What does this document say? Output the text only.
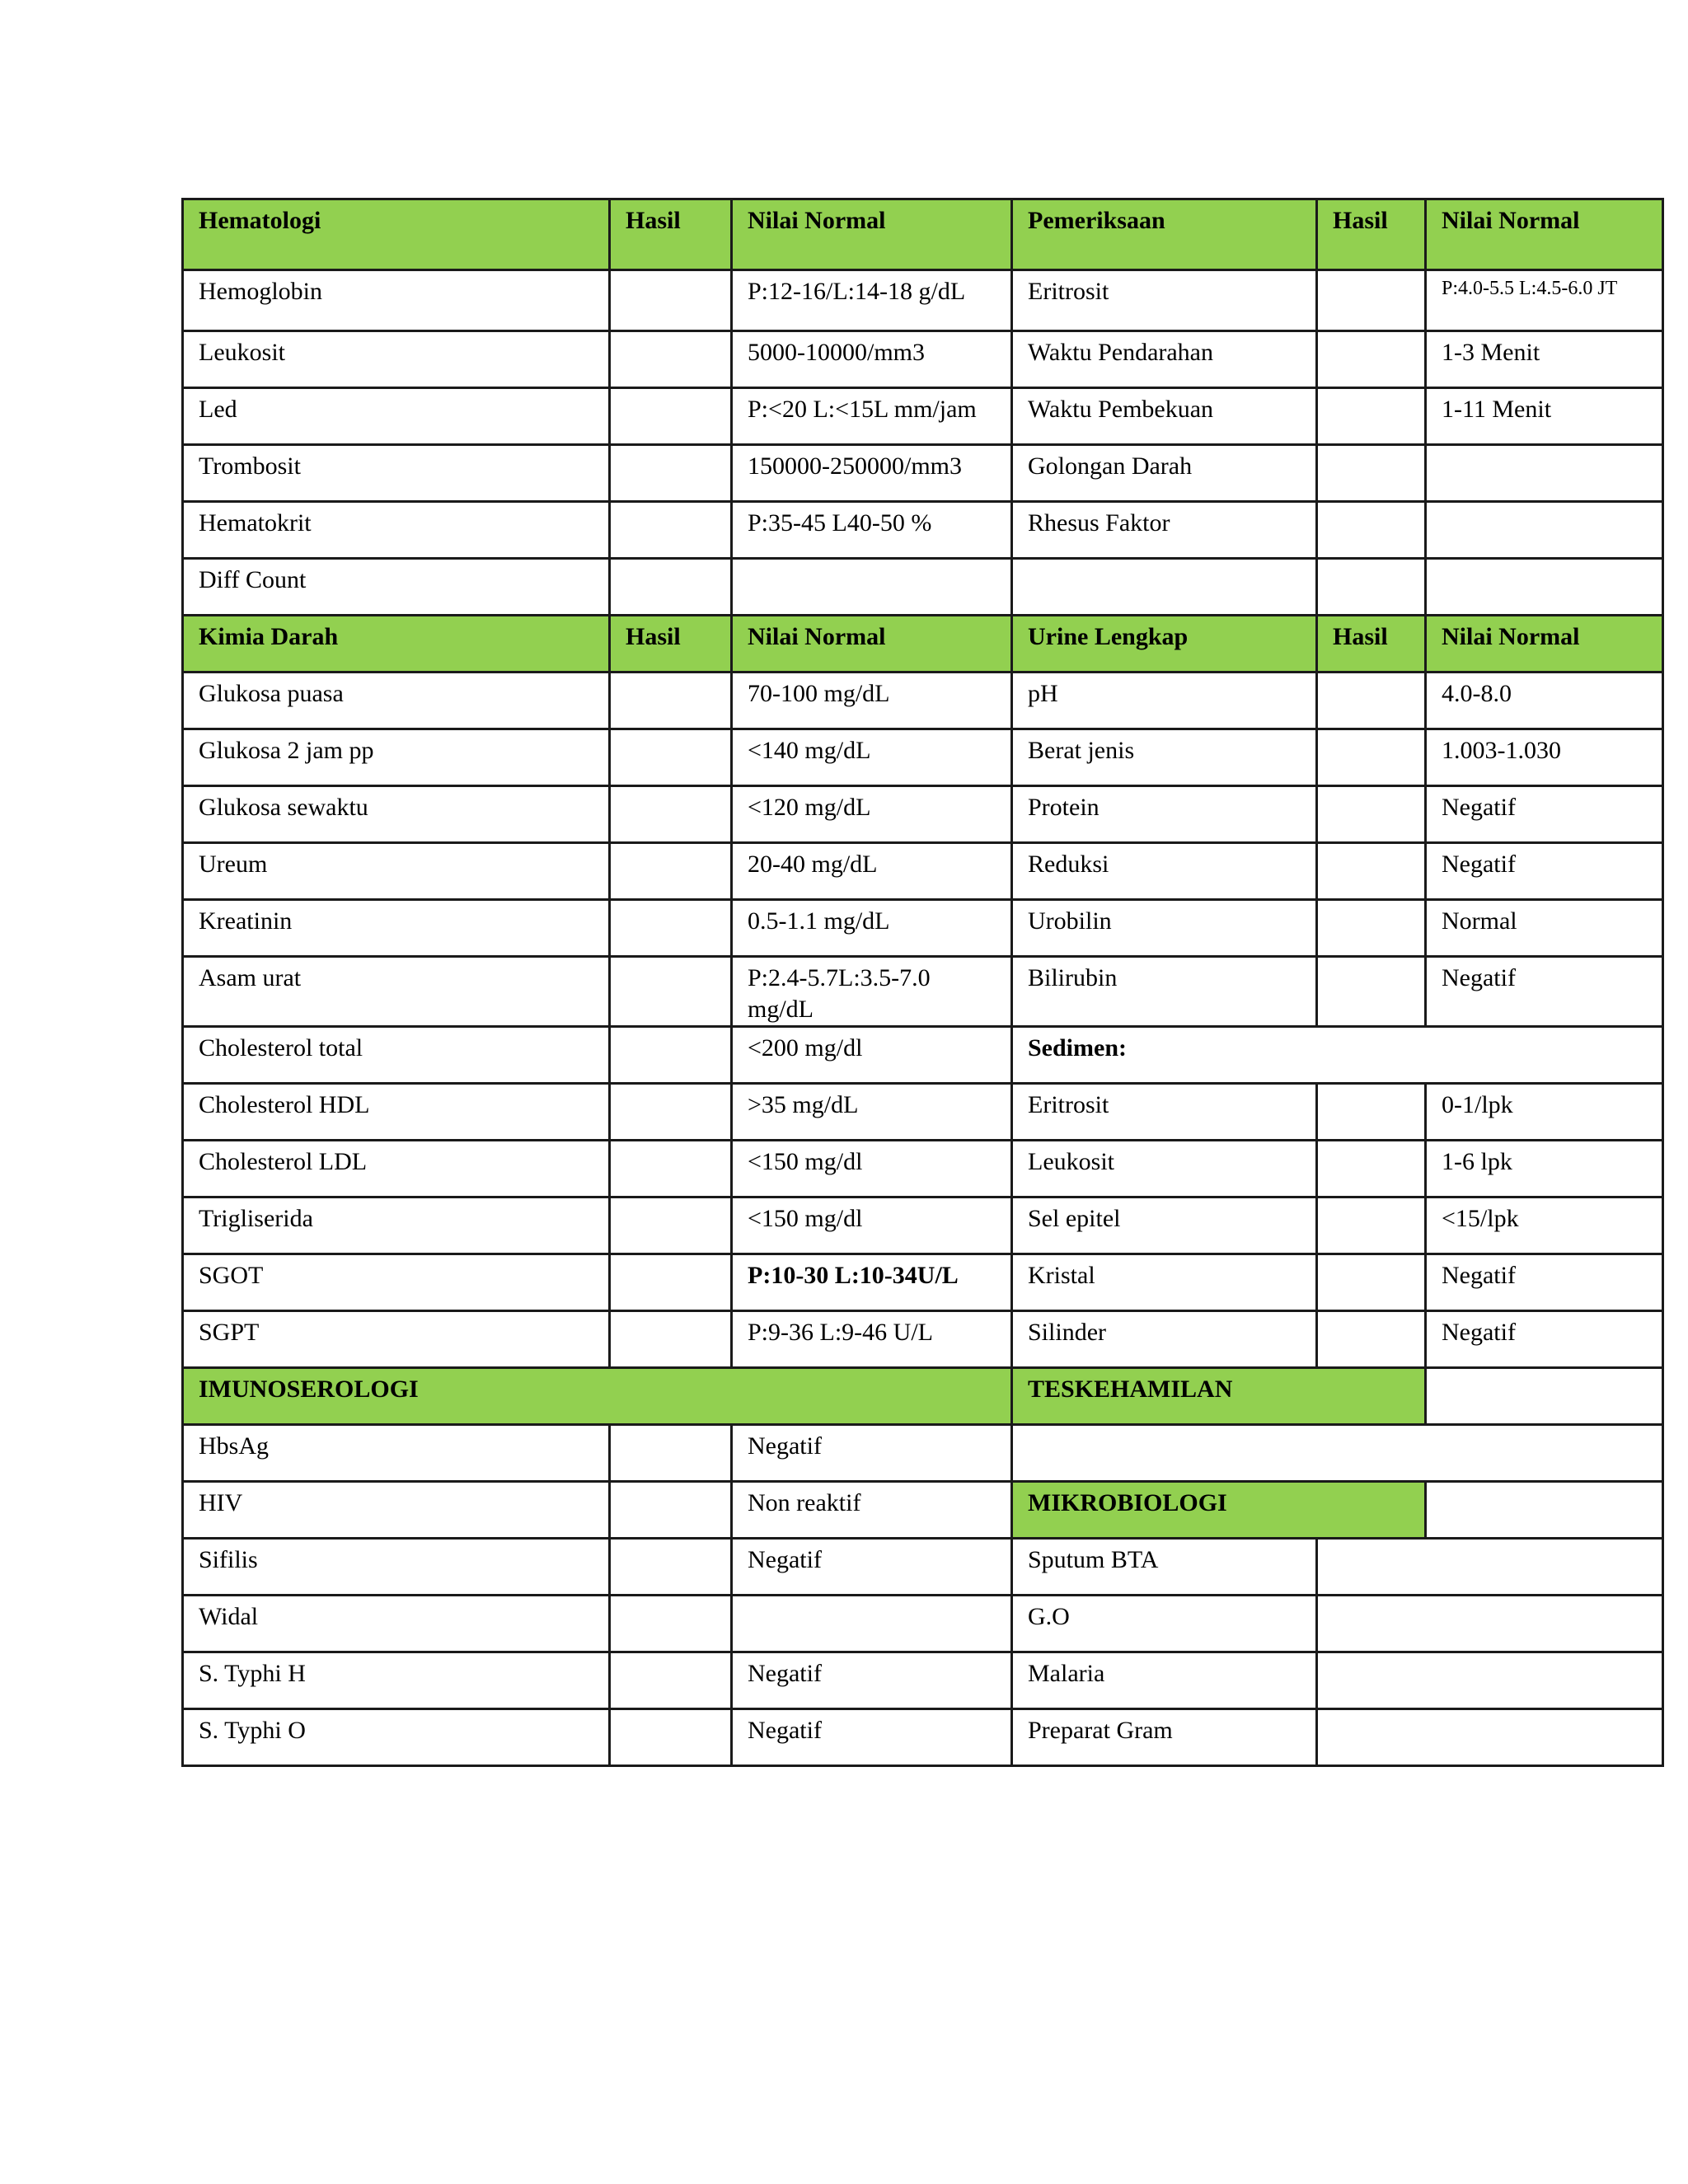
Hematologi	Hasil	Nilai Normal	Pemeriksaan	Hasil	Nilai Normal
Hemoglobin		P:12-16/L:14-18 g/dL	Eritrosit		P:4.0-5.5 L:4.5-6.0 JT
Leukosit		5000-10000/mm3	Waktu Pendarahan		1-3 Menit
Led		P:<20 L:<15L mm/jam	Waktu Pembekuan		1-11 Menit
Trombosit		150000-250000/mm3	Golongan Darah		
Hematokrit		P:35-45 L40-50 %	Rhesus Faktor		
Diff Count					
Kimia Darah	Hasil	Nilai Normal	Urine Lengkap	Hasil	Nilai Normal
Glukosa puasa		70-100 mg/dL	pH		4.0-8.0
Glukosa 2 jam pp		<140 mg/dL	Berat jenis		1.003-1.030
Glukosa sewaktu		<120 mg/dL	Protein		Negatif
Ureum		20-40 mg/dL	Reduksi		Negatif
Kreatinin		0.5-1.1 mg/dL	Urobilin		Normal
Asam urat		P:2.4-5.7L:3.5-7.0 mg/dL	Bilirubin		Negatif
Cholesterol total		<200 mg/dl	Sedimen:		
Cholesterol HDL		>35 mg/dL	Eritrosit		0-1/lpk
Cholesterol LDL		<150 mg/dl	Leukosit		1-6 lpk
Trigliserida		<150 mg/dl	Sel epitel		<15/lpk
SGOT		P:10-30 L:10-34U/L	Kristal		Negatif
SGPT		P:9-36 L:9-46 U/L	Silinder		Negatif
IMUNOSEROLOGI			TESKEHAMILAN		
HbsAg		Negatif			
HIV		Non reaktif	MIKROBIOLOGI		
Sifilis		Negatif	Sputum BTA		
Widal			G.O		
S. Typhi H		Negatif	Malaria		
S. Typhi O		Negatif	Preparat Gram		
